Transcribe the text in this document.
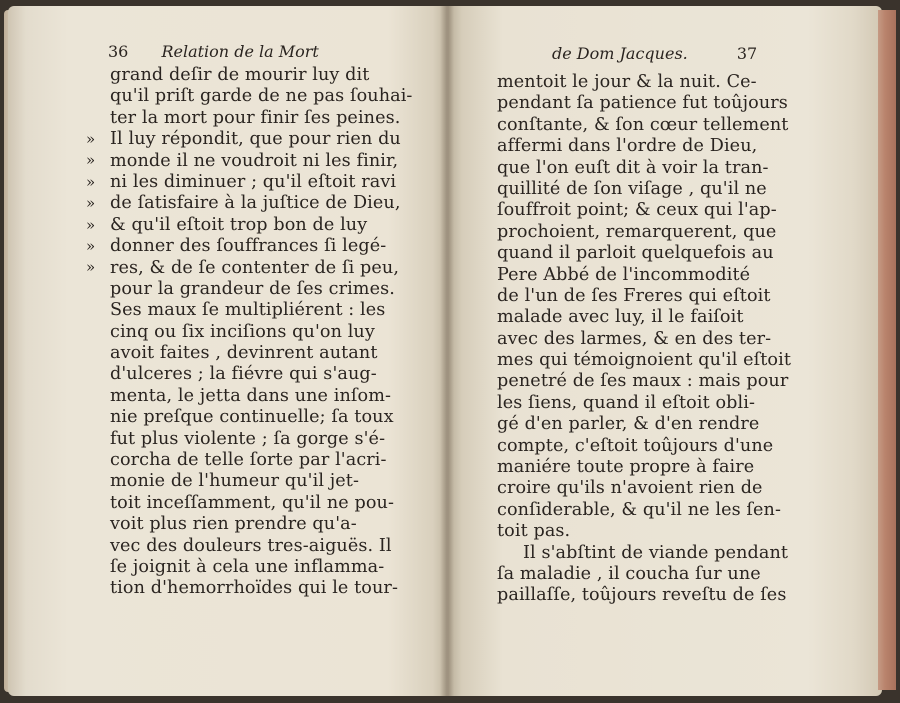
36 Relation de la Mort	de Dom Jacques.	37
»
»
»
»
»
»
»
grand deſir de mourir luy dit
qu'il priſt garde de ne pas ſouhai-
ter la mort pour finir ſes peines.
Il luy répondit, que pour rien du
monde il ne voudroit ni les finir,
ni les diminuer ; qu'il eſtoit ravi
de ſatisfaire à la juſtice de Dieu,
& qu'il eſtoit trop bon de luy
donner des ſouffrances ſi legé-
res, & de ſe contenter de ſi peu,
pour la grandeur de ſes crimes.
Ses maux ſe multipliérent : les
cinq ou ſix inciſions qu'on luy
avoit faites , devinrent autant
d'ulceres ; la fiévre qui s'aug-
menta, le jetta dans une inſom-
nie preſque continuelle; ſa toux
fut plus violente ; ſa gorge s'é-
corcha de telle ſorte par l'acri-
monie de l'humeur qu'il jet-
toit inceſſamment, qu'il ne pou-
voit plus rien prendre qu'a-
vec des douleurs tres-aiguës. Il
ſe joignit à cela une inflamma-
tion d'hemorrhoïdes qui le tour-
mentoit le jour & la nuit. Ce-
pendant ſa patience fut toûjours
conſtante, & ſon cœur tellement
affermi dans l'ordre de Dieu,
que l'on euſt dit à voir la tran-
quillité de ſon viſage , qu'il ne
ſouffroit point; & ceux qui l'ap-
prochoient, remarquerent, que
quand il parloit quelquefois au
Pere Abbé de l'incommodité
de l'un de ſes Freres qui eſtoit
malade avec luy, il le faiſoit
avec des larmes, & en des ter-
mes qui témoignoient qu'il eſtoit
penetré de ſes maux : mais pour
les ſiens, quand il eſtoit obli-
gé d'en parler, & d'en rendre
compte, c'eſtoit toûjours d'une
maniére toute propre à faire
croire qu'ils n'avoient rien de
conſiderable, & qu'il ne les ſen-
toit pas.
Il s'abſtint de viande pendant
ſa maladie , il coucha ſur une
paillaſſe, toûjours reveſtu de ſes
